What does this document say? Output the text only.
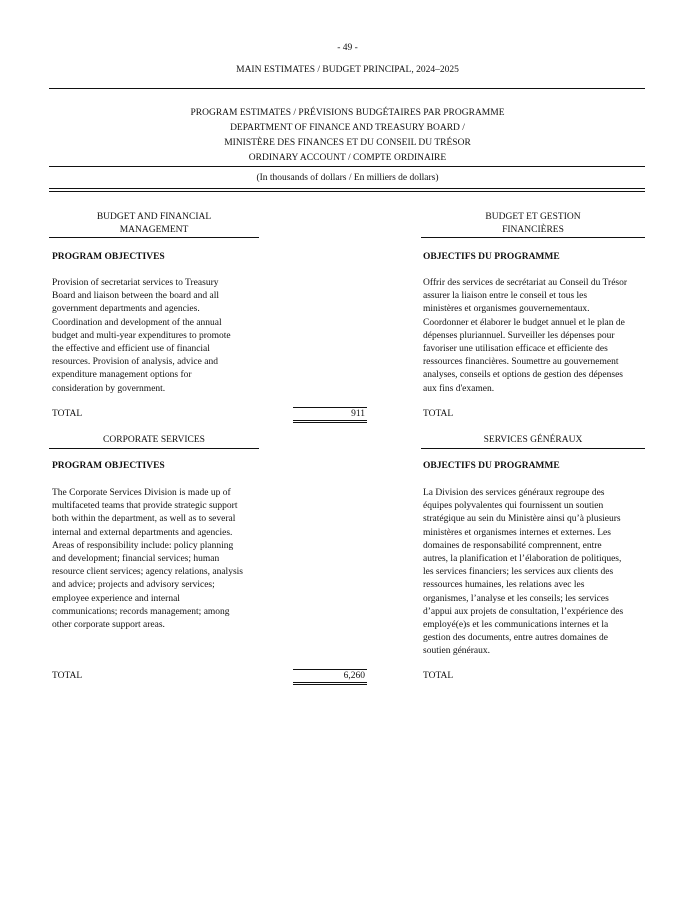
- 49 -
MAIN ESTIMATES / BUDGET PRINCIPAL, 2024–2025
PROGRAM ESTIMATES / PRÉVISIONS BUDGÉTAIRES PAR PROGRAMME
DEPARTMENT OF FINANCE AND TREASURY BOARD /
MINISTÈRE DES FINANCES ET DU CONSEIL DU TRÉSOR
ORDINARY ACCOUNT / COMPTE ORDINAIRE
(In thousands of dollars / En milliers de dollars)
BUDGET AND FINANCIAL
MANAGEMENT
BUDGET ET GESTION
FINANCIÈRES
PROGRAM OBJECTIVES	OBJECTIFS DU PROGRAMME
Provision of secretariat services to Treasury
Board and liaison between the board and all
government departments and agencies.
Coordination and development of the annual
budget and multi-year expenditures to promote
the effective and efficient use of financial
resources. Provision of analysis, advice and
expenditure management options for
consideration by government.
Offrir des services de secrétariat au Conseil du Trésor
assurer la liaison entre le conseil et tous les
ministères et organismes gouvernementaux.
Coordonner et élaborer le budget annuel et le plan de
dépenses pluriannuel. Surveiller les dépenses pour
favoriser une utilisation efficace et efficiente des
ressources financières. Soumettre au gouvernement
analyses, conseils et options de gestion des dépenses
aux fins d'examen.
TOTAL	911	TOTAL
CORPORATE SERVICES	SERVICES GÉNÉRAUX
PROGRAM OBJECTIVES	OBJECTIFS DU PROGRAMME
The Corporate Services Division is made up of
multifaceted teams that provide strategic support
both within the department, as well as to several
internal and external departments and agencies.
Areas of responsibility include: policy planning
and development; financial services; human
resource client services; agency relations, analysis
and advice; projects and advisory services;
employee experience and internal
communications; records management; among
other corporate support areas.
La Division des services généraux regroupe des
équipes polyvalentes qui fournissent un soutien
stratégique au sein du Ministère ainsi qu’à plusieurs
ministères et organismes internes et externes. Les
domaines de responsabilité comprennent, entre
autres, la planification et l’élaboration de politiques,
les services financiers; les services aux clients des
ressources humaines, les relations avec les
organismes, l’analyse et les conseils; les services
d’appui aux projets de consultation, l’expérience des
employé(e)s et les communications internes et la
gestion des documents, entre autres domaines de
soutien généraux.
TOTAL	6,260	TOTAL
